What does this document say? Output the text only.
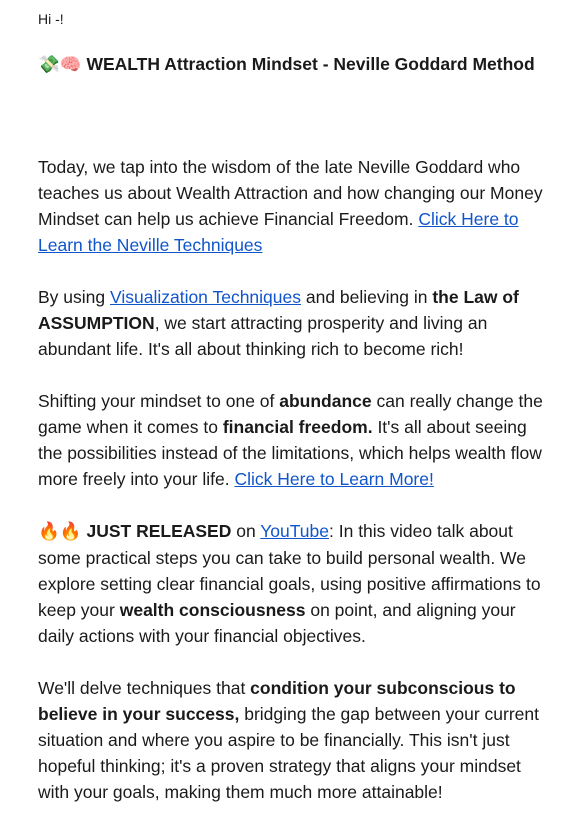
Hi -!

💸🧠 WEALTH Attraction Mindset - Neville Goddard Method

Today, we tap into the wisdom of the late Neville Goddard who teaches us about Wealth Attraction and how changing our Money Mindset can help us achieve Financial Freedom. Click Here to Learn the Neville Techniques

By using Visualization Techniques and believing in the Law of ASSUMPTION, we start attracting prosperity and living an abundant life. It's all about thinking rich to become rich!

Shifting your mindset to one of abundance can really change the game when it comes to financial freedom. It's all about seeing the possibilities instead of the limitations, which helps wealth flow more freely into your life. Click Here to Learn More!

🔥🔥 JUST RELEASED on YouTube: In this video talk about some practical steps you can take to build personal wealth. We explore setting clear financial goals, using positive affirmations to keep your wealth consciousness on point, and aligning your daily actions with your financial objectives.

We'll delve techniques that condition your subconscious to believe in your success, bridging the gap between your current situation and where you aspire to be financially. This isn't just hopeful thinking; it's a proven strategy that aligns your mindset with your goals, making them much more attainable!
